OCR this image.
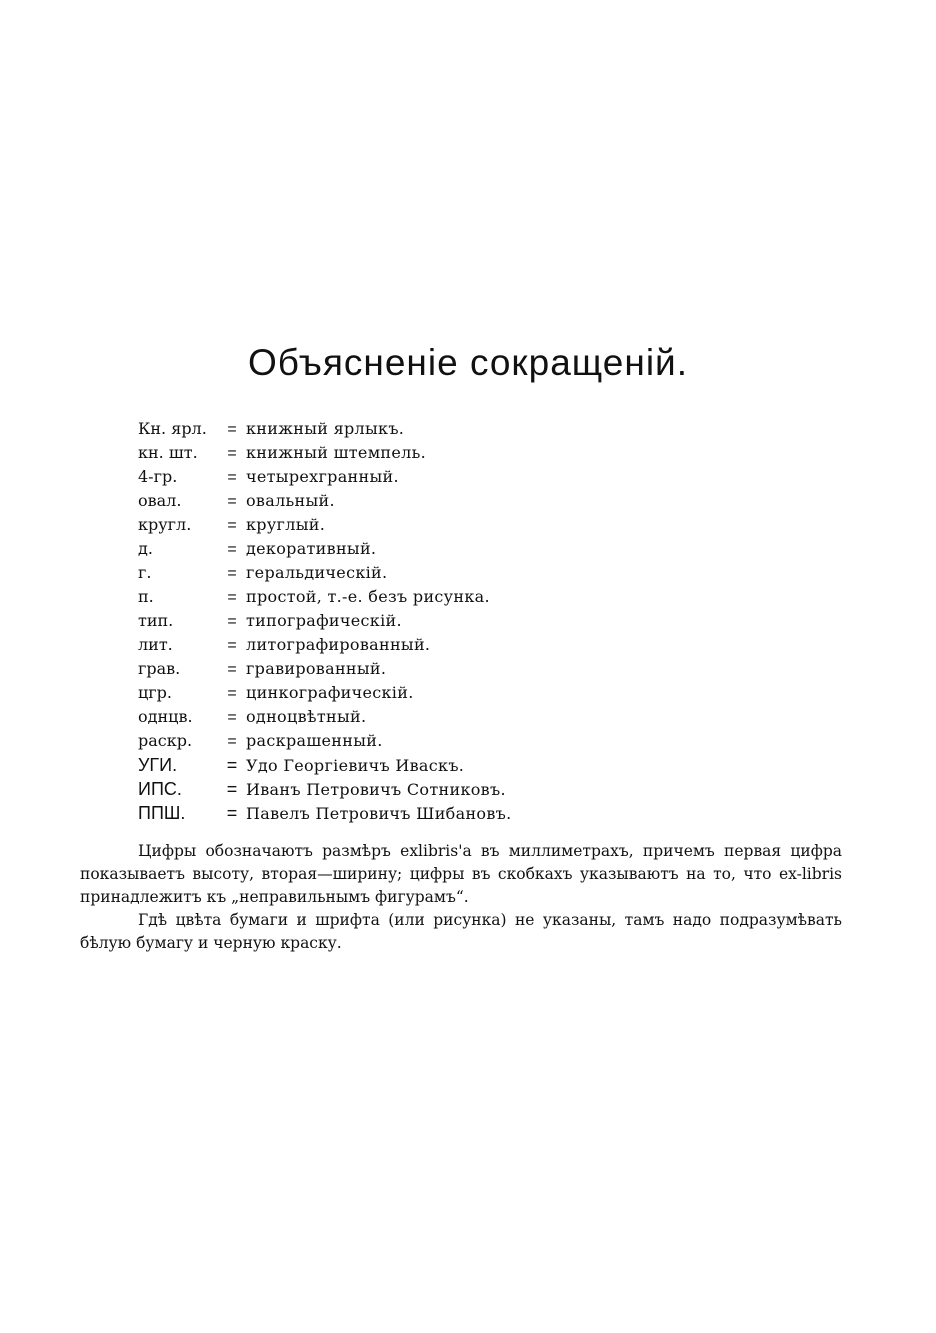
Объясненіе сокращеній.
Кн. ярл.	= книжный ярлыкъ.
кн. шт.	= книжный штемпель.
4-гр.	= четырехгранный.
овал.	= овальный.
кругл.	= круглый.
д.	= декоративный.
г.	= геральдическій.
п.	= простой, т.-е. безъ рисунка.
тип.	= типографическій.
лит.	= литографированный.
грав.	= гравированный.
цгр.	= цинкографическій.
однцв.	= одноцвѣтный.
раскр.	= раскрашенный.
УГИ.	= Удо Георгіевичъ Ивaскъ.
ИПС.	= Иванъ Петровичъ Сотниковъ.
ППШ.	= Павелъ Петровичъ Шибановъ.

Цифры обозначаютъ размѣръ exlibris'a въ миллиметрахъ, причемъ первая цифра показываетъ высоту, вторая—ширину; цифры въ скобкахъ указываютъ на то, что ex-libris принадлежитъ къ „неправильнымъ фигурамъ“.

Гдѣ цвѣта бумаги и шрифта (или рисунка) не указаны, тамъ надо подразумѣвать бѣлую бумагу и черную краску.
